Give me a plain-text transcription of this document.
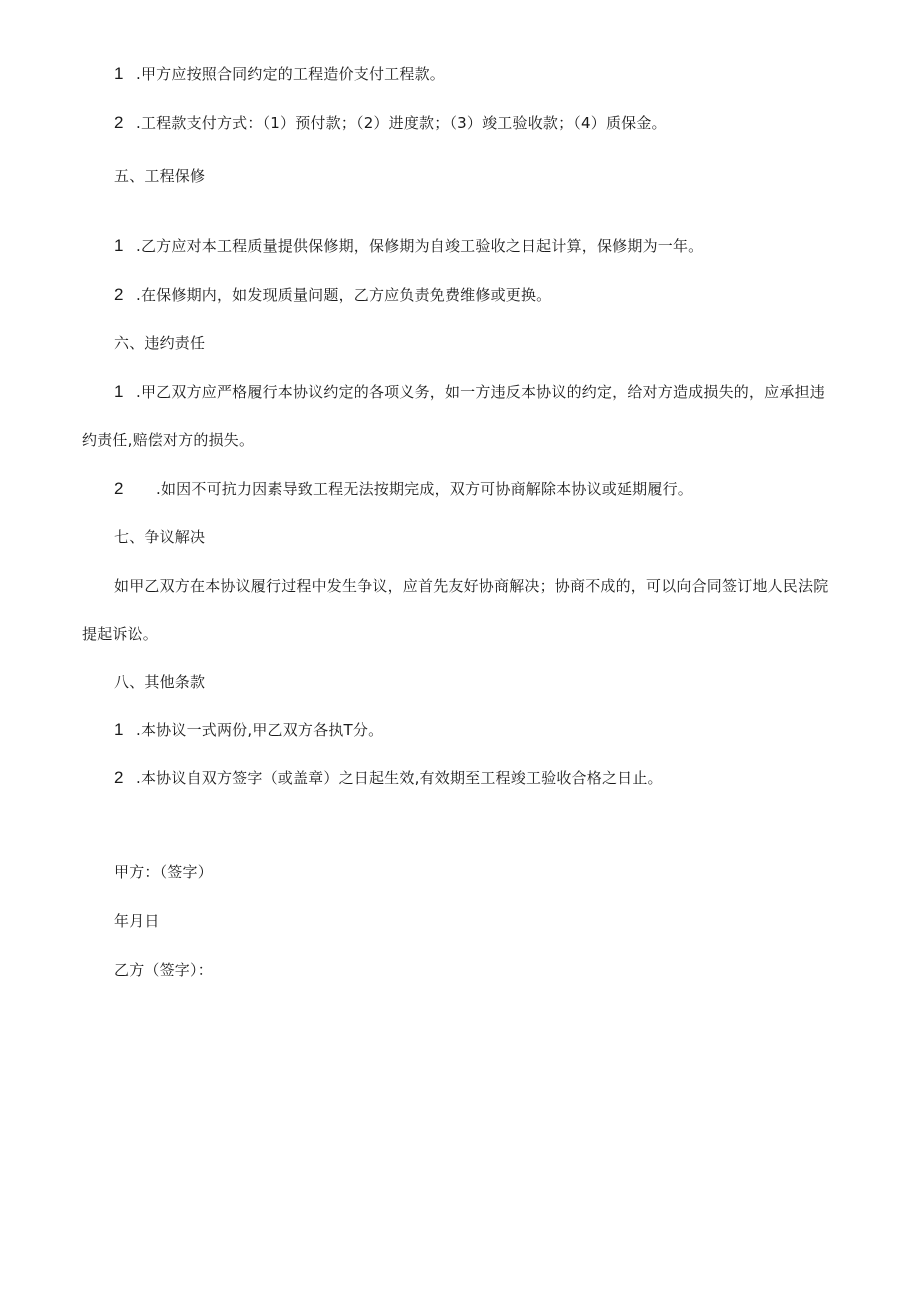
1 .甲方应按照合同约定的工程造价支付工程款。
2 .工程款支付方式：（1）预付款；（2）进度款；（3）竣工验收款；（4）质保金。
五、工程保修
1 .乙方应对本工程质量提供保修期，保修期为自竣工验收之日起计算，保修期为一年。
2 .在保修期内，如发现质量问题，乙方应负责免费维修或更换。
六、违约责任
1 .甲乙双方应严格履行本协议约定的各项义务，如一方违反本协议的约定，给对方造成损失的，应承担违
约责任,赔偿对方的损失。
2 .如因不可抗力因素导致工程无法按期完成，双方可协商解除本协议或延期履行。
七、争议解决
如甲乙双方在本协议履行过程中发生争议，应首先友好协商解决；协商不成的，可以向合同签订地人民法院
提起诉讼。
八、其他条款
1 .本协议一式两份,甲乙双方各执T分。
2 .本协议自双方签字（或盖章）之日起生效,有效期至工程竣工验收合格之日止。
甲方：（签字）
年月日
乙方（签字）：
